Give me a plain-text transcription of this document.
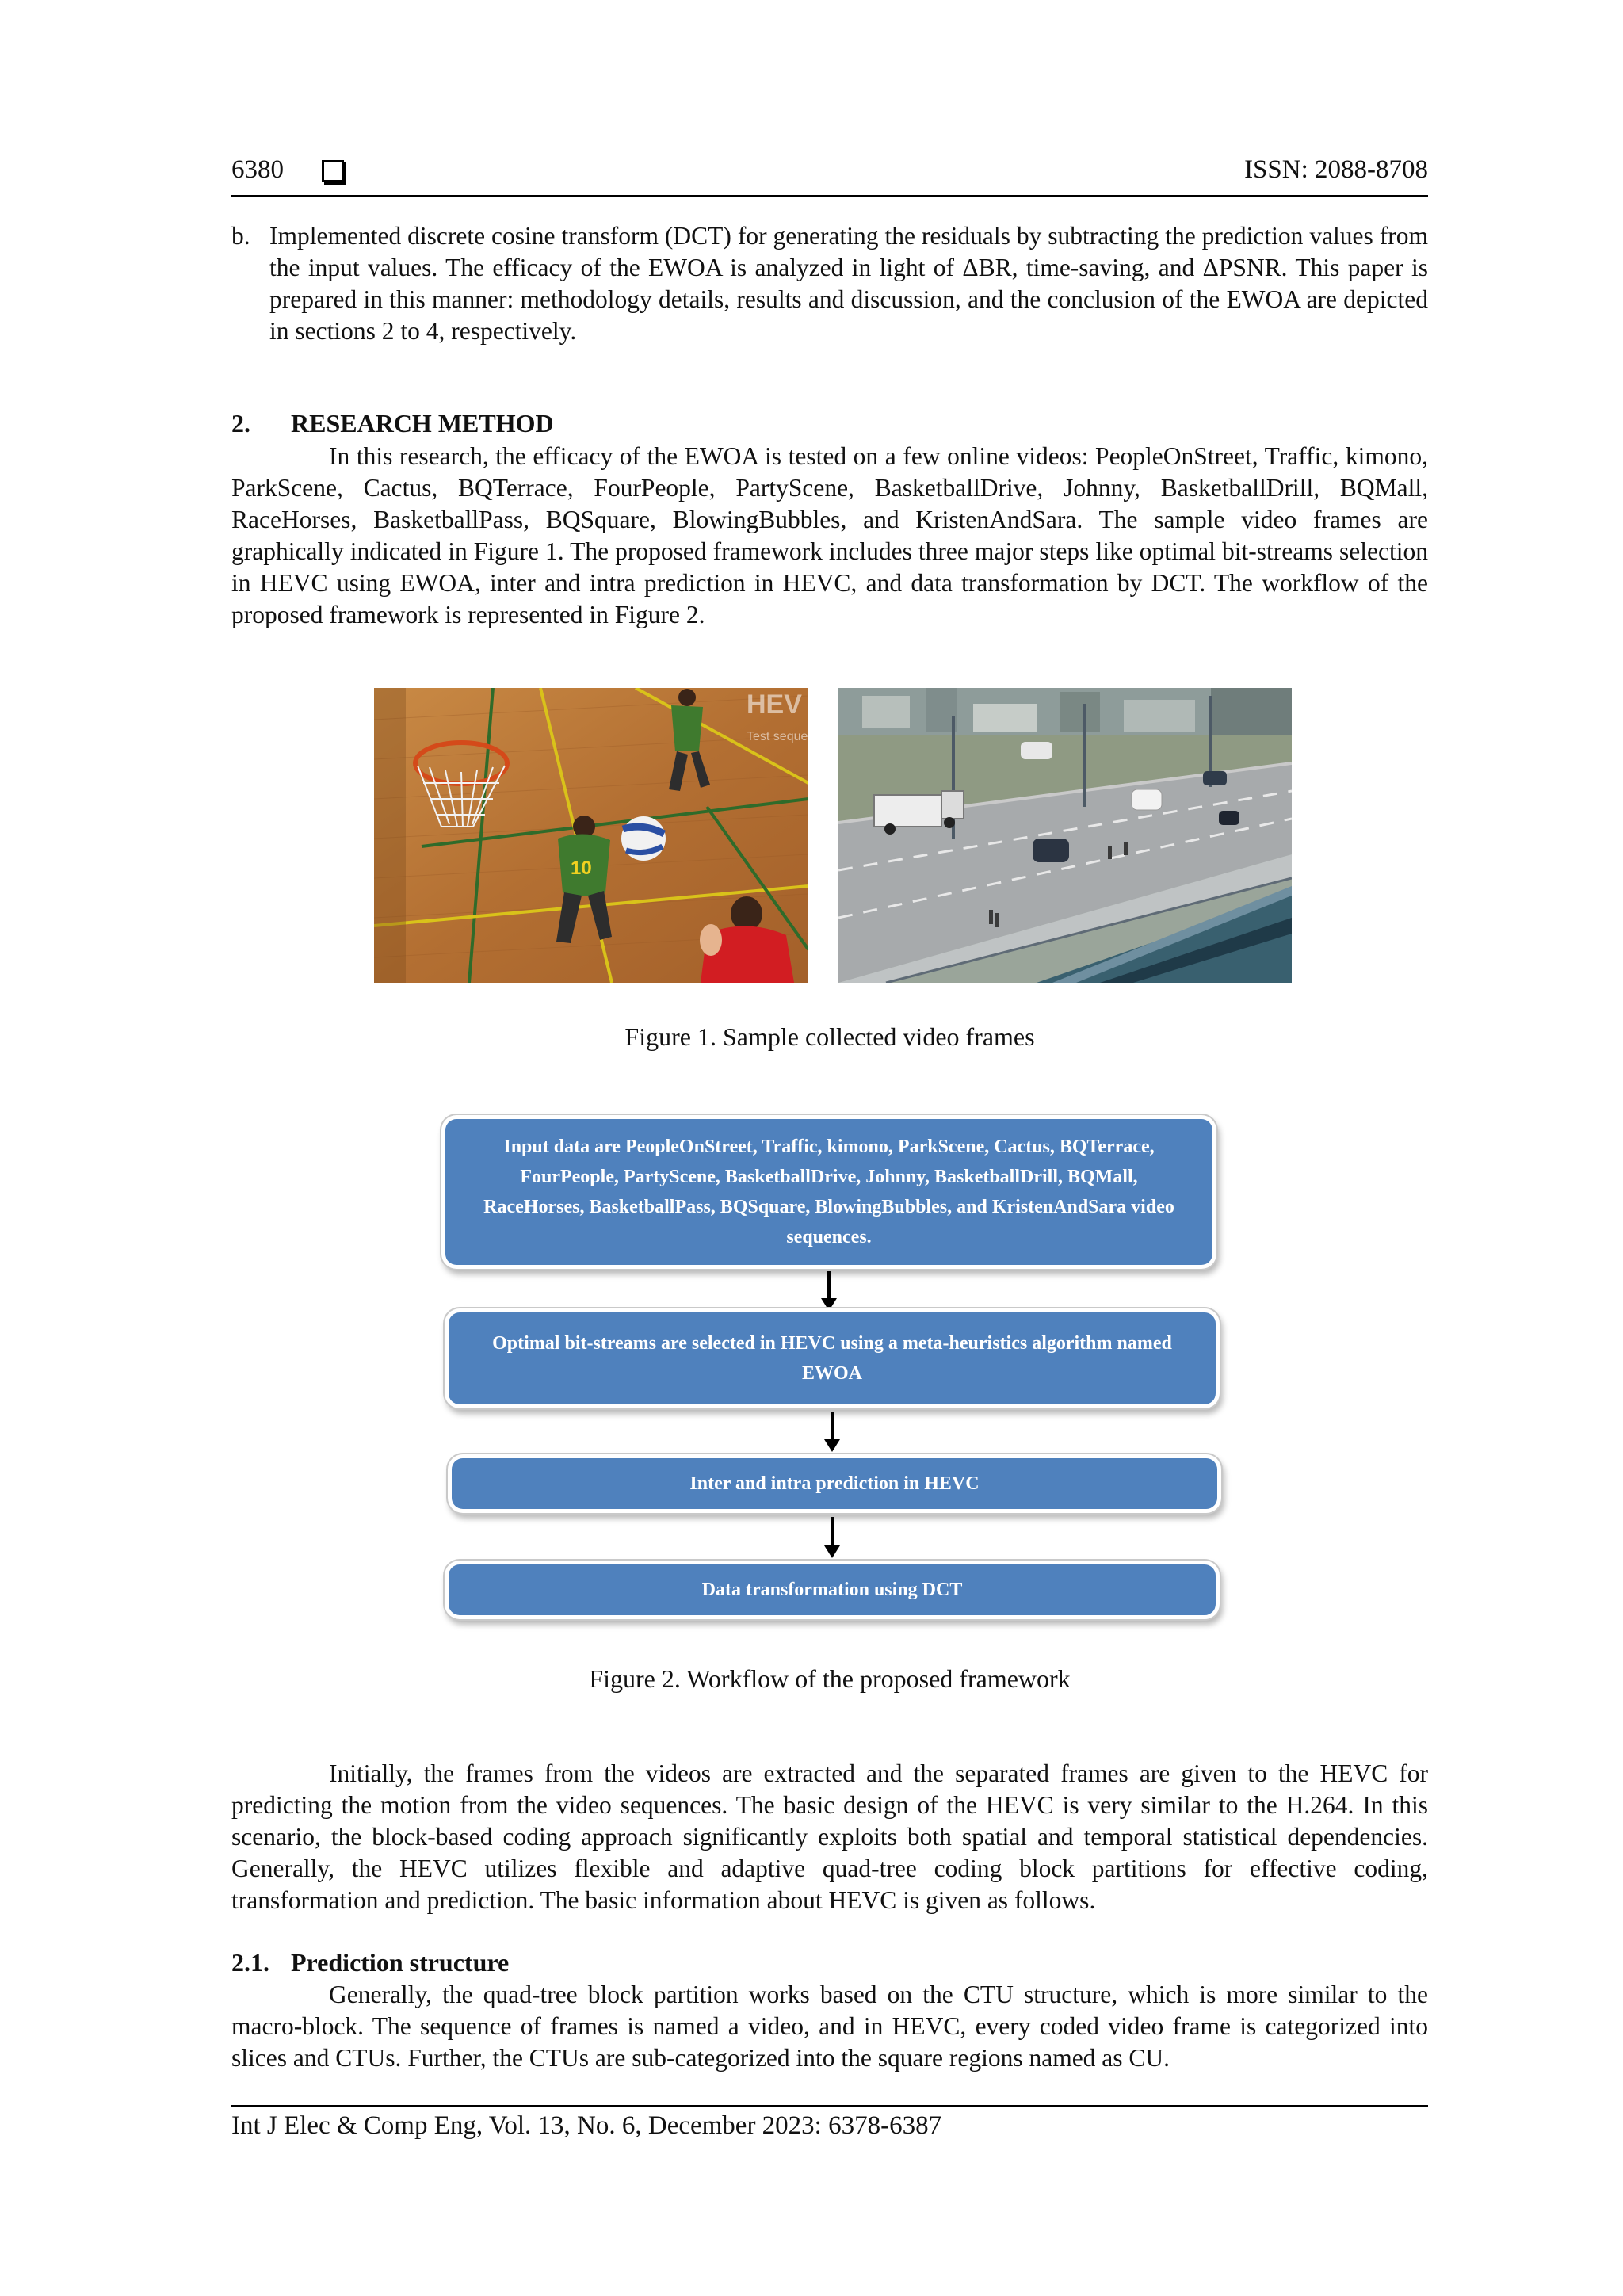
6380	ISSN: 2088-8708
b. Implemented discrete cosine transform (DCT) for generating the residuals by subtracting the prediction values from the input values. The efficacy of the EWOA is analyzed in light of ΔBR, time-saving, and ΔPSNR. This paper is prepared in this manner: methodology details, results and discussion, and the conclusion of the EWOA are depicted in sections 2 to 4, respectively.
2. RESEARCH METHOD
In this research, the efficacy of the EWOA is tested on a few online videos: PeopleOnStreet, Traffic, kimono, ParkScene, Cactus, BQTerrace, FourPeople, PartyScene, BasketballDrive, Johnny, BasketballDrill, BQMall, RaceHorses, BasketballPass, BQSquare, BlowingBubbles, and KristenAndSara. The sample video frames are graphically indicated in Figure 1. The proposed framework includes three major steps like optimal bit-streams selection in HEVC using EWOA, inter and intra prediction in HEVC, and data transformation by DCT. The workflow of the proposed framework is represented in Figure 2.
10
HEV
Test seque
Figure 1. Sample collected video frames
Input data are PeopleOnStreet, Traffic, kimono, ParkScene, Cactus, BQTerrace, FourPeople, PartyScene, BasketballDrive, Johnny, BasketballDrill, BQMall, RaceHorses, BasketballPass, BQSquare, BlowingBubbles, and KristenAndSara video sequences.
Optimal bit-streams are selected in HEVC using a meta-heuristics algorithm named EWOA
Inter and intra prediction in HEVC
Data transformation using DCT
Figure 2. Workflow of the proposed framework
Initially, the frames from the videos are extracted and the separated frames are given to the HEVC for predicting the motion from the video sequences. The basic design of the HEVC is very similar to the H.264. In this scenario, the block-based coding approach significantly exploits both spatial and temporal statistical dependencies. Generally, the HEVC utilizes flexible and adaptive quad-tree coding block partitions for effective coding, transformation and prediction. The basic information about HEVC is given as follows.
2.1. Prediction structure
Generally, the quad-tree block partition works based on the CTU structure, which is more similar to the macro-block. The sequence of frames is named a video, and in HEVC, every coded video frame is categorized into slices and CTUs. Further, the CTUs are sub-categorized into the square regions named as CU.
Int J Elec & Comp Eng, Vol. 13, No. 6, December 2023: 6378-6387
